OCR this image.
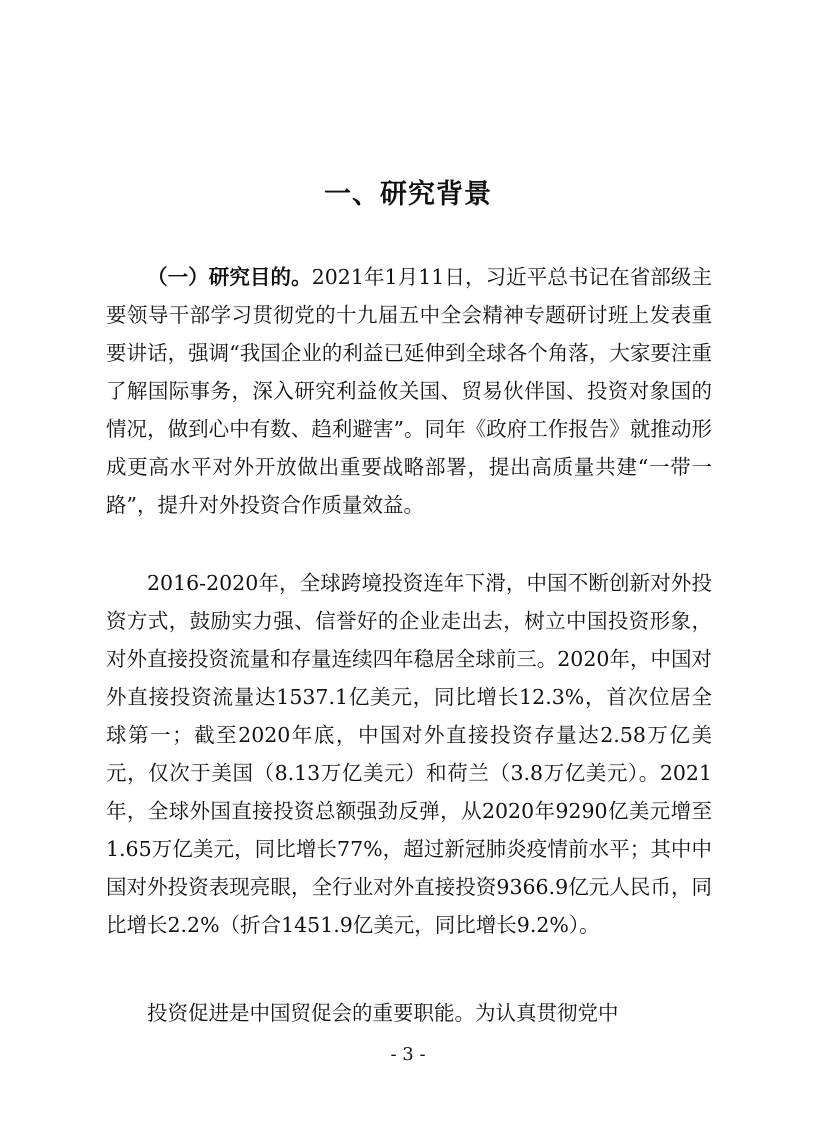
一、研究背景

（一）研究目的。2021年1月11日，习近平总书记在省部级主要领导干部学习贯彻党的十九届五中全会精神专题研讨班上发表重要讲话，强调“我国企业的利益已延伸到全球各个角落，大家要注重了解国际事务，深入研究利益攸关国、贸易伙伴国、投资对象国的情况，做到心中有数、趋利避害”。同年《政府工作报告》就推动形成更高水平对外开放做出重要战略部署，提出高质量共建“一带一路”，提升对外投资合作质量效益。

2016-2020年，全球跨境投资连年下滑，中国不断创新对外投资方式，鼓励实力强、信誉好的企业走出去，树立中国投资形象，对外直接投资流量和存量连续四年稳居全球前三。2020年，中国对外直接投资流量达1537.1亿美元，同比增长12.3%，首次位居全球第一；截至2020年底，中国对外直接投资存量达2.58万亿美元，仅次于美国（8.13万亿美元）和荷兰（3.8万亿美元）。2021年，全球外国直接投资总额强劲反弹，从2020年9290亿美元增至1.65万亿美元，同比增长77%，超过新冠肺炎疫情前水平；其中中国对外投资表现亮眼，全行业对外直接投资9366.9亿元人民币，同比增长2.2%（折合1451.9亿美元，同比增长9.2%）。

投资促进是中国贸促会的重要职能。为认真贯彻党中

- 3 -
